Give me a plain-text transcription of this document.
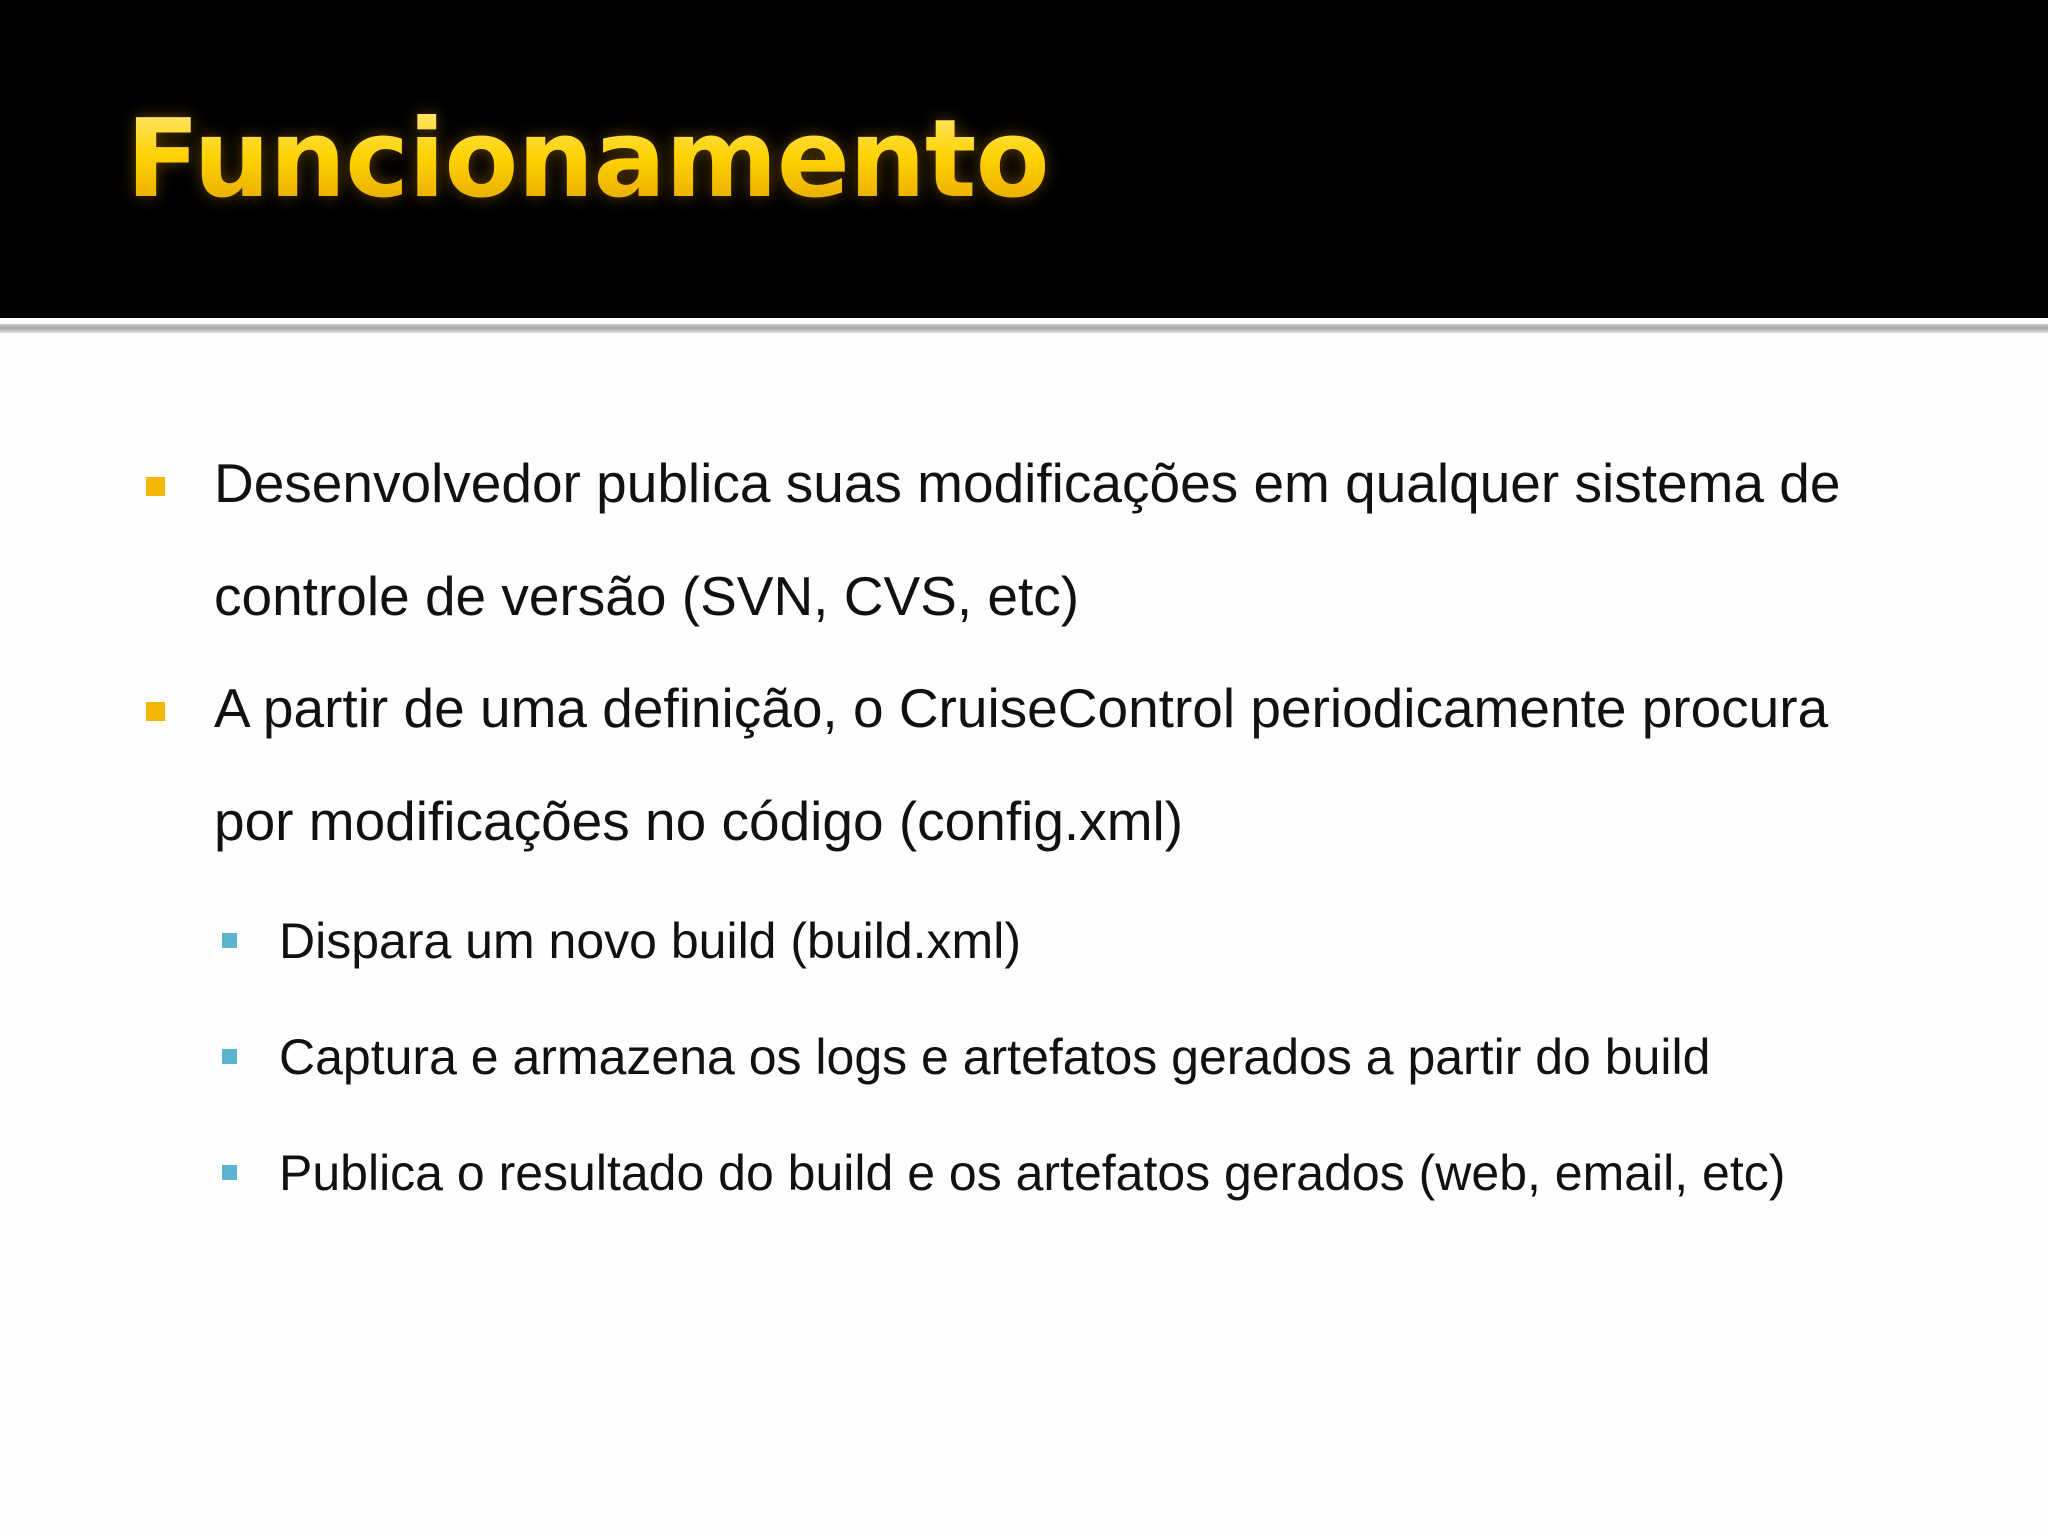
Funcionamento

Desenvolvedor publica suas modificações em qualquer sistema de

controle de versão (SVN, CVS, etc)

A partir de uma definição, o CruiseControl periodicamente procura

por modificações no código (config.xml)

Dispara um novo build (build.xml)

Captura e armazena os logs e artefatos gerados a partir do build

Publica o resultado do build e os artefatos gerados (web, email, etc)
